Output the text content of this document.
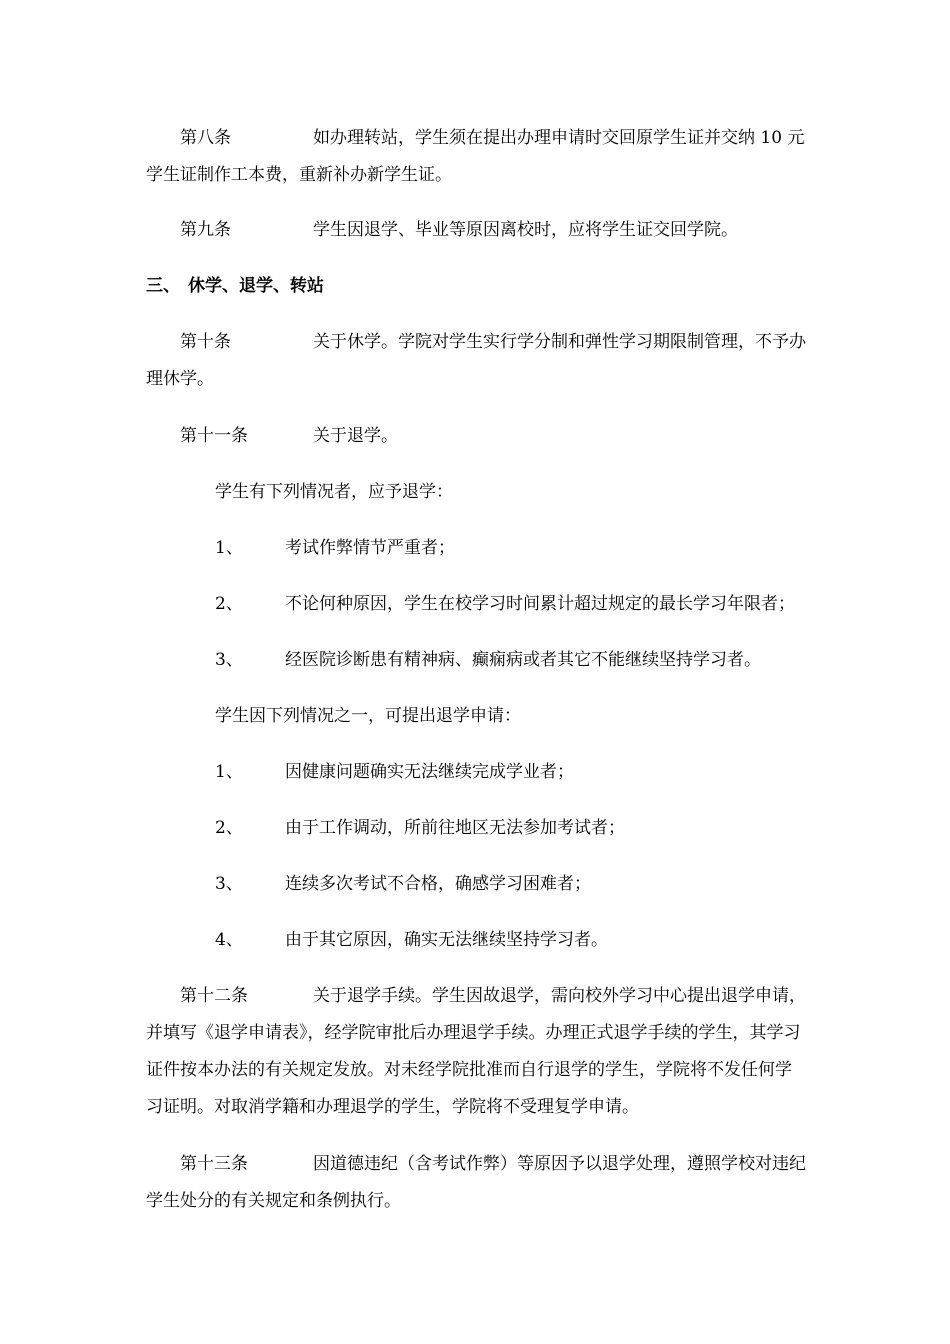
第八条	如办理转站，学生须在提出办理申请时交回原学生证并交纳 10 元
学生证制作工本费，重新补办新学生证。
第九条	学生因退学、毕业等原因离校时，应将学生证交回学院。
三、 休学、退学、转站
第十条	关于休学。学院对学生实行学分制和弹性学习期限制管理，不予办
理休学。
第十一条	关于退学。
学生有下列情况者，应予退学：
1、 考试作弊情节严重者；
2、 不论何种原因，学生在校学习时间累计超过规定的最长学习年限者；
3、 经医院诊断患有精神病、癫痫病或者其它不能继续坚持学习者。
学生因下列情况之一，可提出退学申请：
1、 因健康问题确实无法继续完成学业者；
2、 由于工作调动，所前往地区无法参加考试者；
3、 连续多次考试不合格，确感学习困难者；
4、 由于其它原因，确实无法继续坚持学习者。
第十二条	关于退学手续。学生因故退学，需向校外学习中心提出退学申请，
并填写《退学申请表》，经学院审批后办理退学手续。办理正式退学手续的学生，其学习
证件按本办法的有关规定发放。对未经学院批准而自行退学的学生，学院将不发任何学
习证明。对取消学籍和办理退学的学生，学院将不受理复学申请。
第十三条	因道德违纪（含考试作弊）等原因予以退学处理，遵照学校对违纪
学生处分的有关规定和条例执行。
